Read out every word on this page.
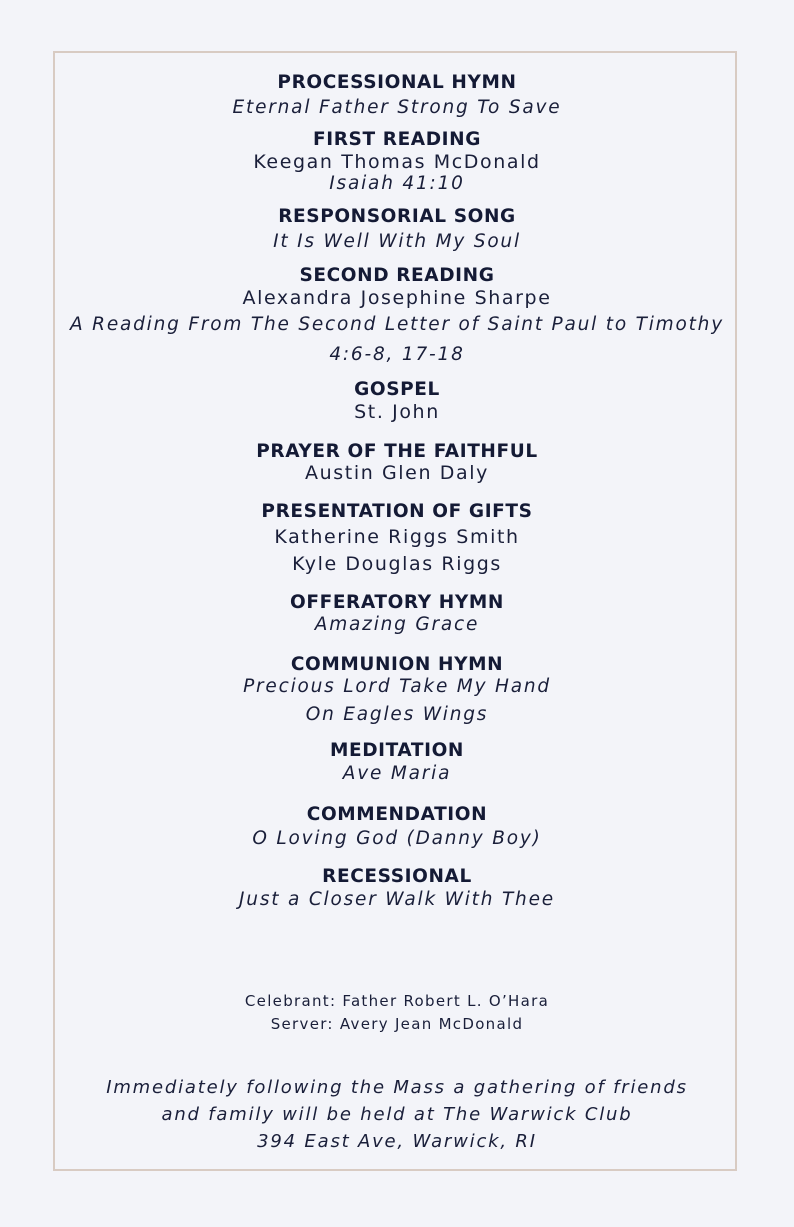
PROCESSIONAL HYMN
Eternal Father Strong To Save
FIRST READING
Keegan Thomas McDonald
Isaiah 41:10
RESPONSORIAL SONG
It Is Well With My Soul
SECOND READING
Alexandra Josephine Sharpe
A Reading From The Second Letter of Saint Paul to Timothy
4:6-8, 17-18
GOSPEL
St. John
PRAYER OF THE FAITHFUL
Austin Glen Daly
PRESENTATION OF GIFTS
Katherine Riggs Smith
Kyle Douglas Riggs
OFFERATORY HYMN
Amazing Grace
COMMUNION HYMN
Precious Lord Take My Hand
On Eagles Wings
MEDITATION
Ave Maria
COMMENDATION
O Loving God (Danny Boy)
RECESSIONAL
Just a Closer Walk With Thee
Celebrant: Father Robert L. O’Hara
Server: Avery Jean McDonald
Immediately following the Mass a gathering of friends
and family will be held at The Warwick Club
394 East Ave, Warwick, RI
